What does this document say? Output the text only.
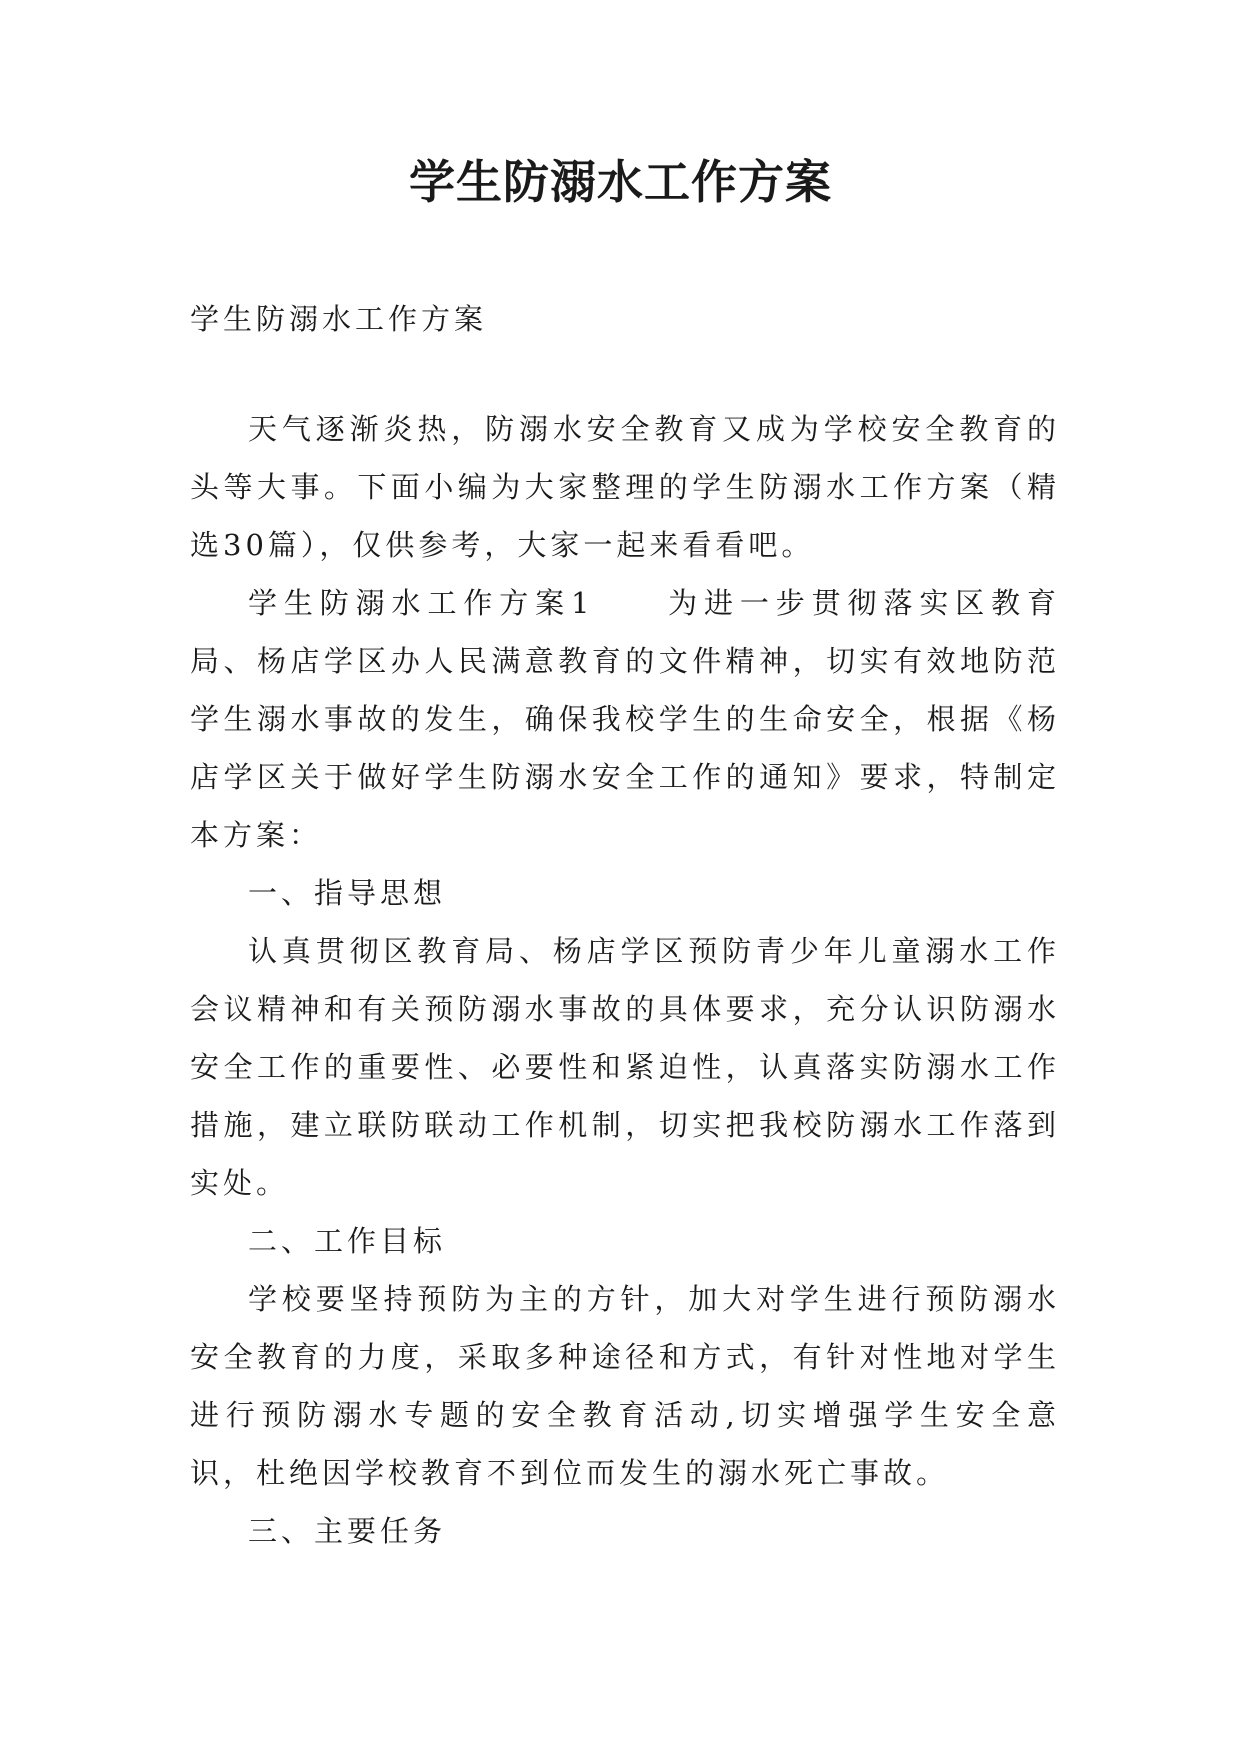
学生防溺水工作方案

学生防溺水工作方案

天气逐渐炎热，防溺水安全教育又成为学校安全教育的头等大事。下面小编为大家整理的学生防溺水工作方案（精选30篇），仅供参考，大家一起来看看吧。

学生防溺水工作方案1　　为进一步贯彻落实区教育局、杨店学区办人民满意教育的文件精神，切实有效地防范学生溺水事故的发生，确保我校学生的生命安全，根据《杨店学区关于做好学生防溺水安全工作的通知》要求，特制定本方案：

一、指导思想

认真贯彻区教育局、杨店学区预防青少年儿童溺水工作会议精神和有关预防溺水事故的具体要求，充分认识防溺水安全工作的重要性、必要性和紧迫性，认真落实防溺水工作措施，建立联防联动工作机制，切实把我校防溺水工作落到实处。

二、工作目标

学校要坚持预防为主的方针，加大对学生进行预防溺水安全教育的力度，采取多种途径和方式，有针对性地对学生进行预防溺水专题的安全教育活动,切实增强学生安全意识，杜绝因学校教育不到位而发生的溺水死亡事故。

三、主要任务
